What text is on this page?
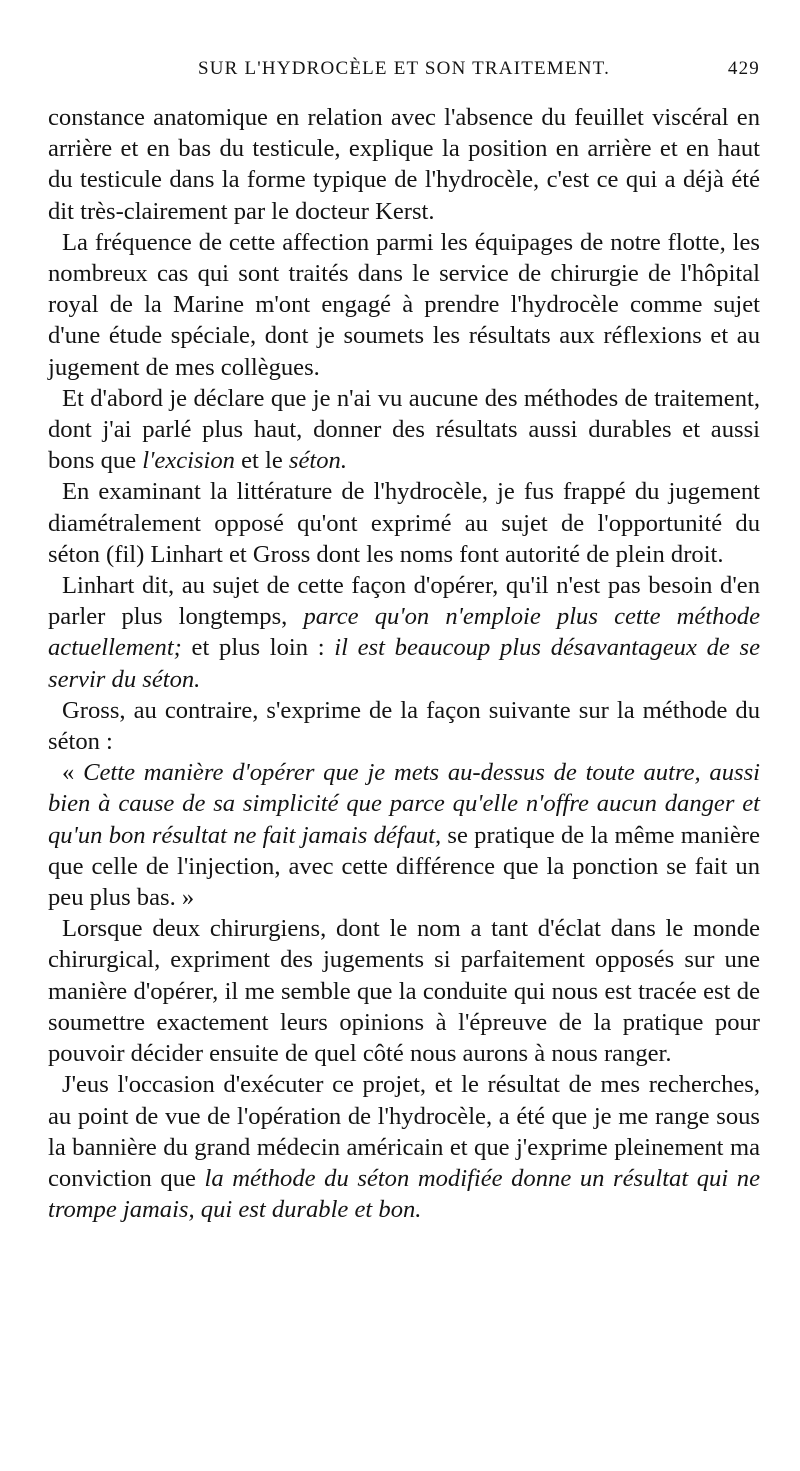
SUR L'HYDROCÈLE ET SON TRAITEMENT.	429

constance anatomique en relation avec l'absence du feuillet viscéral en arrière et en bas du testicule, explique la position en arrière et en haut du testicule dans la forme typique de l'hydrocèle, c'est ce qui a déjà été dit très-clairement par le docteur Kerst.

La fréquence de cette affection parmi les équipages de notre flotte, les nombreux cas qui sont traités dans le service de chirurgie de l'hôpital royal de la Marine m'ont engagé à prendre l'hydrocèle comme sujet d'une étude spéciale, dont je soumets les résultats aux réflexions et au jugement de mes collègues.

Et d'abord je déclare que je n'ai vu aucune des méthodes de traitement, dont j'ai parlé plus haut, donner des résultats aussi durables et aussi bons que l'excision et le séton.

En examinant la littérature de l'hydrocèle, je fus frappé du jugement diamétralement opposé qu'ont exprimé au sujet de l'opportunité du séton (fil) Linhart et Gross dont les noms font autorité de plein droit.

Linhart dit, au sujet de cette façon d'opérer, qu'il n'est pas besoin d'en parler plus longtemps, parce qu'on n'emploie plus cette méthode actuellement; et plus loin : il est beaucoup plus désavantageux de se servir du séton.

Gross, au contraire, s'exprime de la façon suivante sur la méthode du séton :

« Cette manière d'opérer que je mets au-dessus de toute autre, aussi bien à cause de sa simplicité que parce qu'elle n'offre aucun danger et qu'un bon résultat ne fait jamais défaut, se pratique de la même manière que celle de l'injection, avec cette différence que la ponction se fait un peu plus bas. »

Lorsque deux chirurgiens, dont le nom a tant d'éclat dans le monde chirurgical, expriment des jugements si parfaitement opposés sur une manière d'opérer, il me semble que la conduite qui nous est tracée est de soumettre exactement leurs opinions à l'épreuve de la pratique pour pouvoir décider ensuite de quel côté nous aurons à nous ranger.

J'eus l'occasion d'exécuter ce projet, et le résultat de mes recherches, au point de vue de l'opération de l'hydrocèle, a été que je me range sous la bannière du grand médecin américain et que j'exprime pleinement ma conviction que la méthode du séton modifiée donne un résultat qui ne trompe jamais, qui est durable et bon.
